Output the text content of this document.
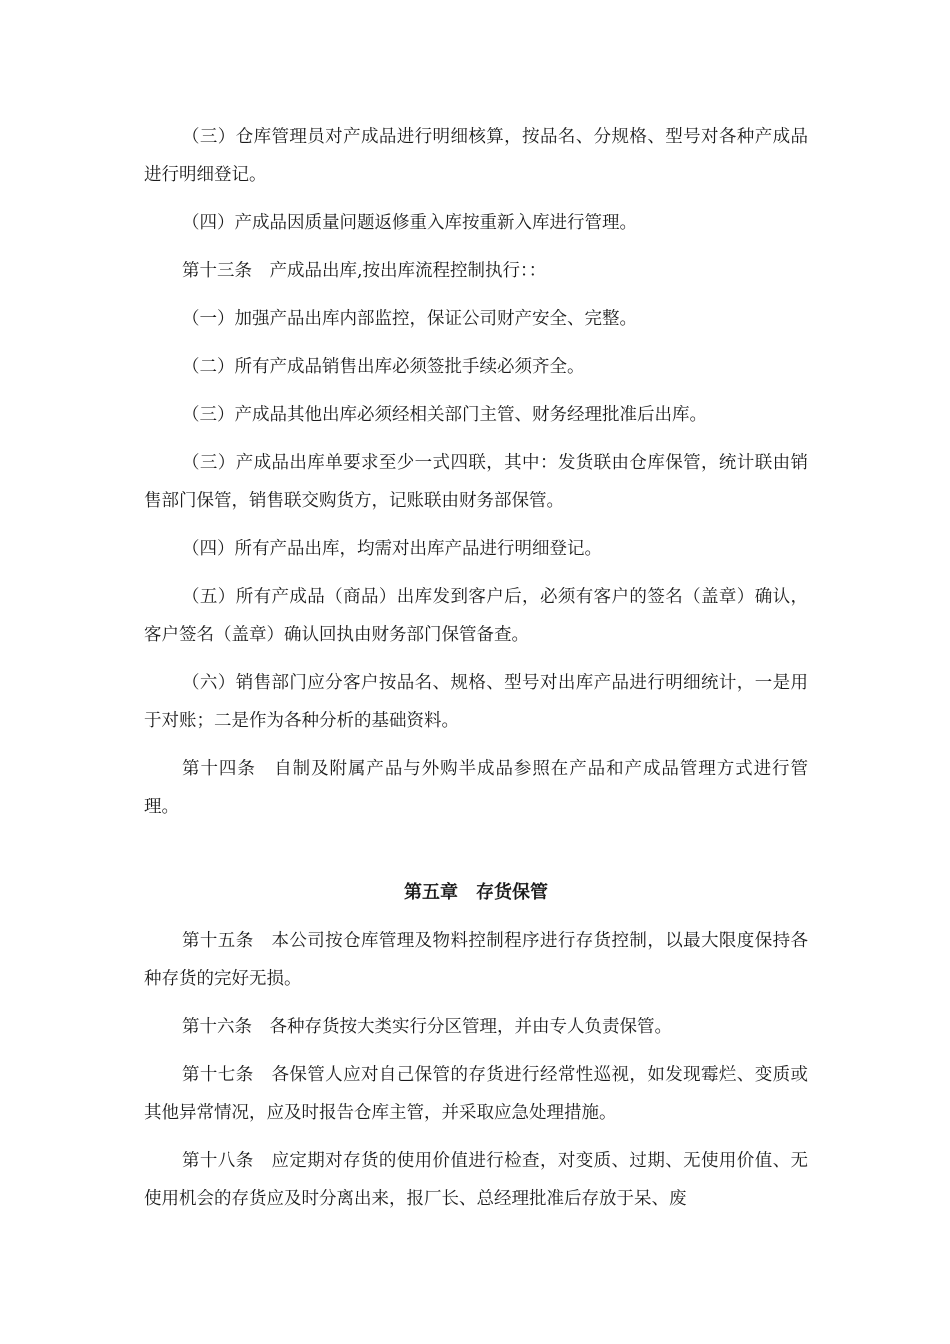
（三）仓库管理员对产成品进行明细核算，按品名、分规格、型号对各种产成品进行明细登记。

（四）产成品因质量问题返修重入库按重新入库进行管理。

第十三条　产成品出库,按出库流程控制执行：：

（一）加强产品出库内部监控，保证公司财产安全、完整。

（二）所有产成品销售出库必须签批手续必须齐全。

（三）产成品其他出库必须经相关部门主管、财务经理批准后出库。

（三）产成品出库单要求至少一式四联，其中：发货联由仓库保管，统计联由销售部门保管，销售联交购货方，记账联由财务部保管。

（四）所有产品出库，均需对出库产品进行明细登记。

（五）所有产成品（商品）出库发到客户后，必须有客户的签名（盖章）确认，客户签名（盖章）确认回执由财务部门保管备查。

（六）销售部门应分客户按品名、规格、型号对出库产品进行明细统计，一是用于对账；二是作为各种分析的基础资料。

第十四条　自制及附属产品与外购半成品参照在产品和产成品管理方式进行管理。

第五章　存货保管

第十五条　本公司按仓库管理及物料控制程序进行存货控制，以最大限度保持各种存货的完好无损。

第十六条　各种存货按大类实行分区管理，并由专人负责保管。

第十七条　各保管人应对自己保管的存货进行经常性巡视，如发现霉烂、变质或其他异常情况，应及时报告仓库主管，并采取应急处理措施。

第十八条　应定期对存货的使用价值进行检查，对变质、过期、无使用价值、无使用机会的存货应及时分离出来，报厂长、总经理批准后存放于呆、废
